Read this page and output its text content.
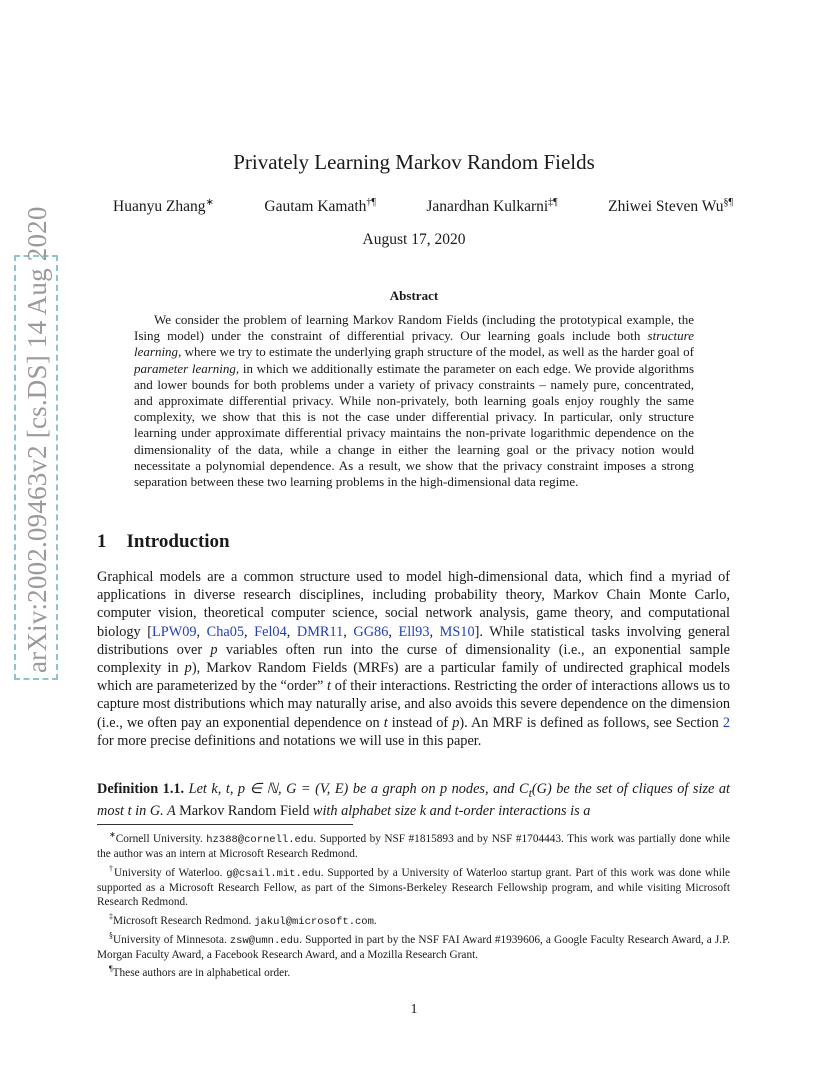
arXiv:2002.09463v2 [cs.DS] 14 Aug 2020
Privately Learning Markov Random Fields
Huanyu Zhang∗	Gautam Kamath†¶	Janardhan Kulkarni‡¶	Zhiwei Steven Wu§¶
August 17, 2020
Abstract

We consider the problem of learning Markov Random Fields (including the prototypical example, the Ising model) under the constraint of differential privacy. Our learning goals include both structure learning, where we try to estimate the underlying graph structure of the model, as well as the harder goal of parameter learning, in which we additionally estimate the parameter on each edge. We provide algorithms and lower bounds for both problems under a variety of privacy constraints – namely pure, concentrated, and approximate differential privacy. While non-privately, both learning goals enjoy roughly the same complexity, we show that this is not the case under differential privacy. In particular, only structure learning under approximate differential privacy maintains the non-private logarithmic dependence on the dimensionality of the data, while a change in either the learning goal or the privacy notion would necessitate a polynomial dependence. As a result, we show that the privacy constraint imposes a strong separation between these two learning problems in the high-dimensional data regime.

1 Introduction

Graphical models are a common structure used to model high-dimensional data, which find a myriad of applications in diverse research disciplines, including probability theory, Markov Chain Monte Carlo, computer vision, theoretical computer science, social network analysis, game theory, and computational biology [LPW09, Cha05, Fel04, DMR11, GG86, Ell93, MS10]. While statistical tasks involving general distributions over p variables often run into the curse of dimensionality (i.e., an exponential sample complexity in p), Markov Random Fields (MRFs) are a particular family of undirected graphical models which are parameterized by the “order” t of their interactions. Restricting the order of interactions allows us to capture most distributions which may naturally arise, and also avoids this severe dependence on the dimension (i.e., we often pay an exponential dependence on t instead of p). An MRF is defined as follows, see Section 2 for more precise definitions and notations we will use in this paper.

Definition 1.1. Let k, t, p ∈ ℕ, G = (V, E) be a graph on p nodes, and $C_t(G)$ be the set of cliques of size at most t in G. A Markov Random Field with alphabet size k and t-order interactions is a

∗Cornell University. hz388@cornell.edu. Supported by NSF #1815893 and by NSF #1704443. This work was partially done while the author was an intern at Microsoft Research Redmond.

†University of Waterloo. g@csail.mit.edu. Supported by a University of Waterloo startup grant. Part of this work was done while supported as a Microsoft Research Fellow, as part of the Simons-Berkeley Research Fellowship program, and while visiting Microsoft Research Redmond.

‡Microsoft Research Redmond. jakul@microsoft.com.

§University of Minnesota. zsw@umn.edu. Supported in part by the NSF FAI Award #1939606, a Google Faculty Research Award, a J.P. Morgan Faculty Award, a Facebook Research Award, and a Mozilla Research Grant.

¶These authors are in alphabetical order.

1
